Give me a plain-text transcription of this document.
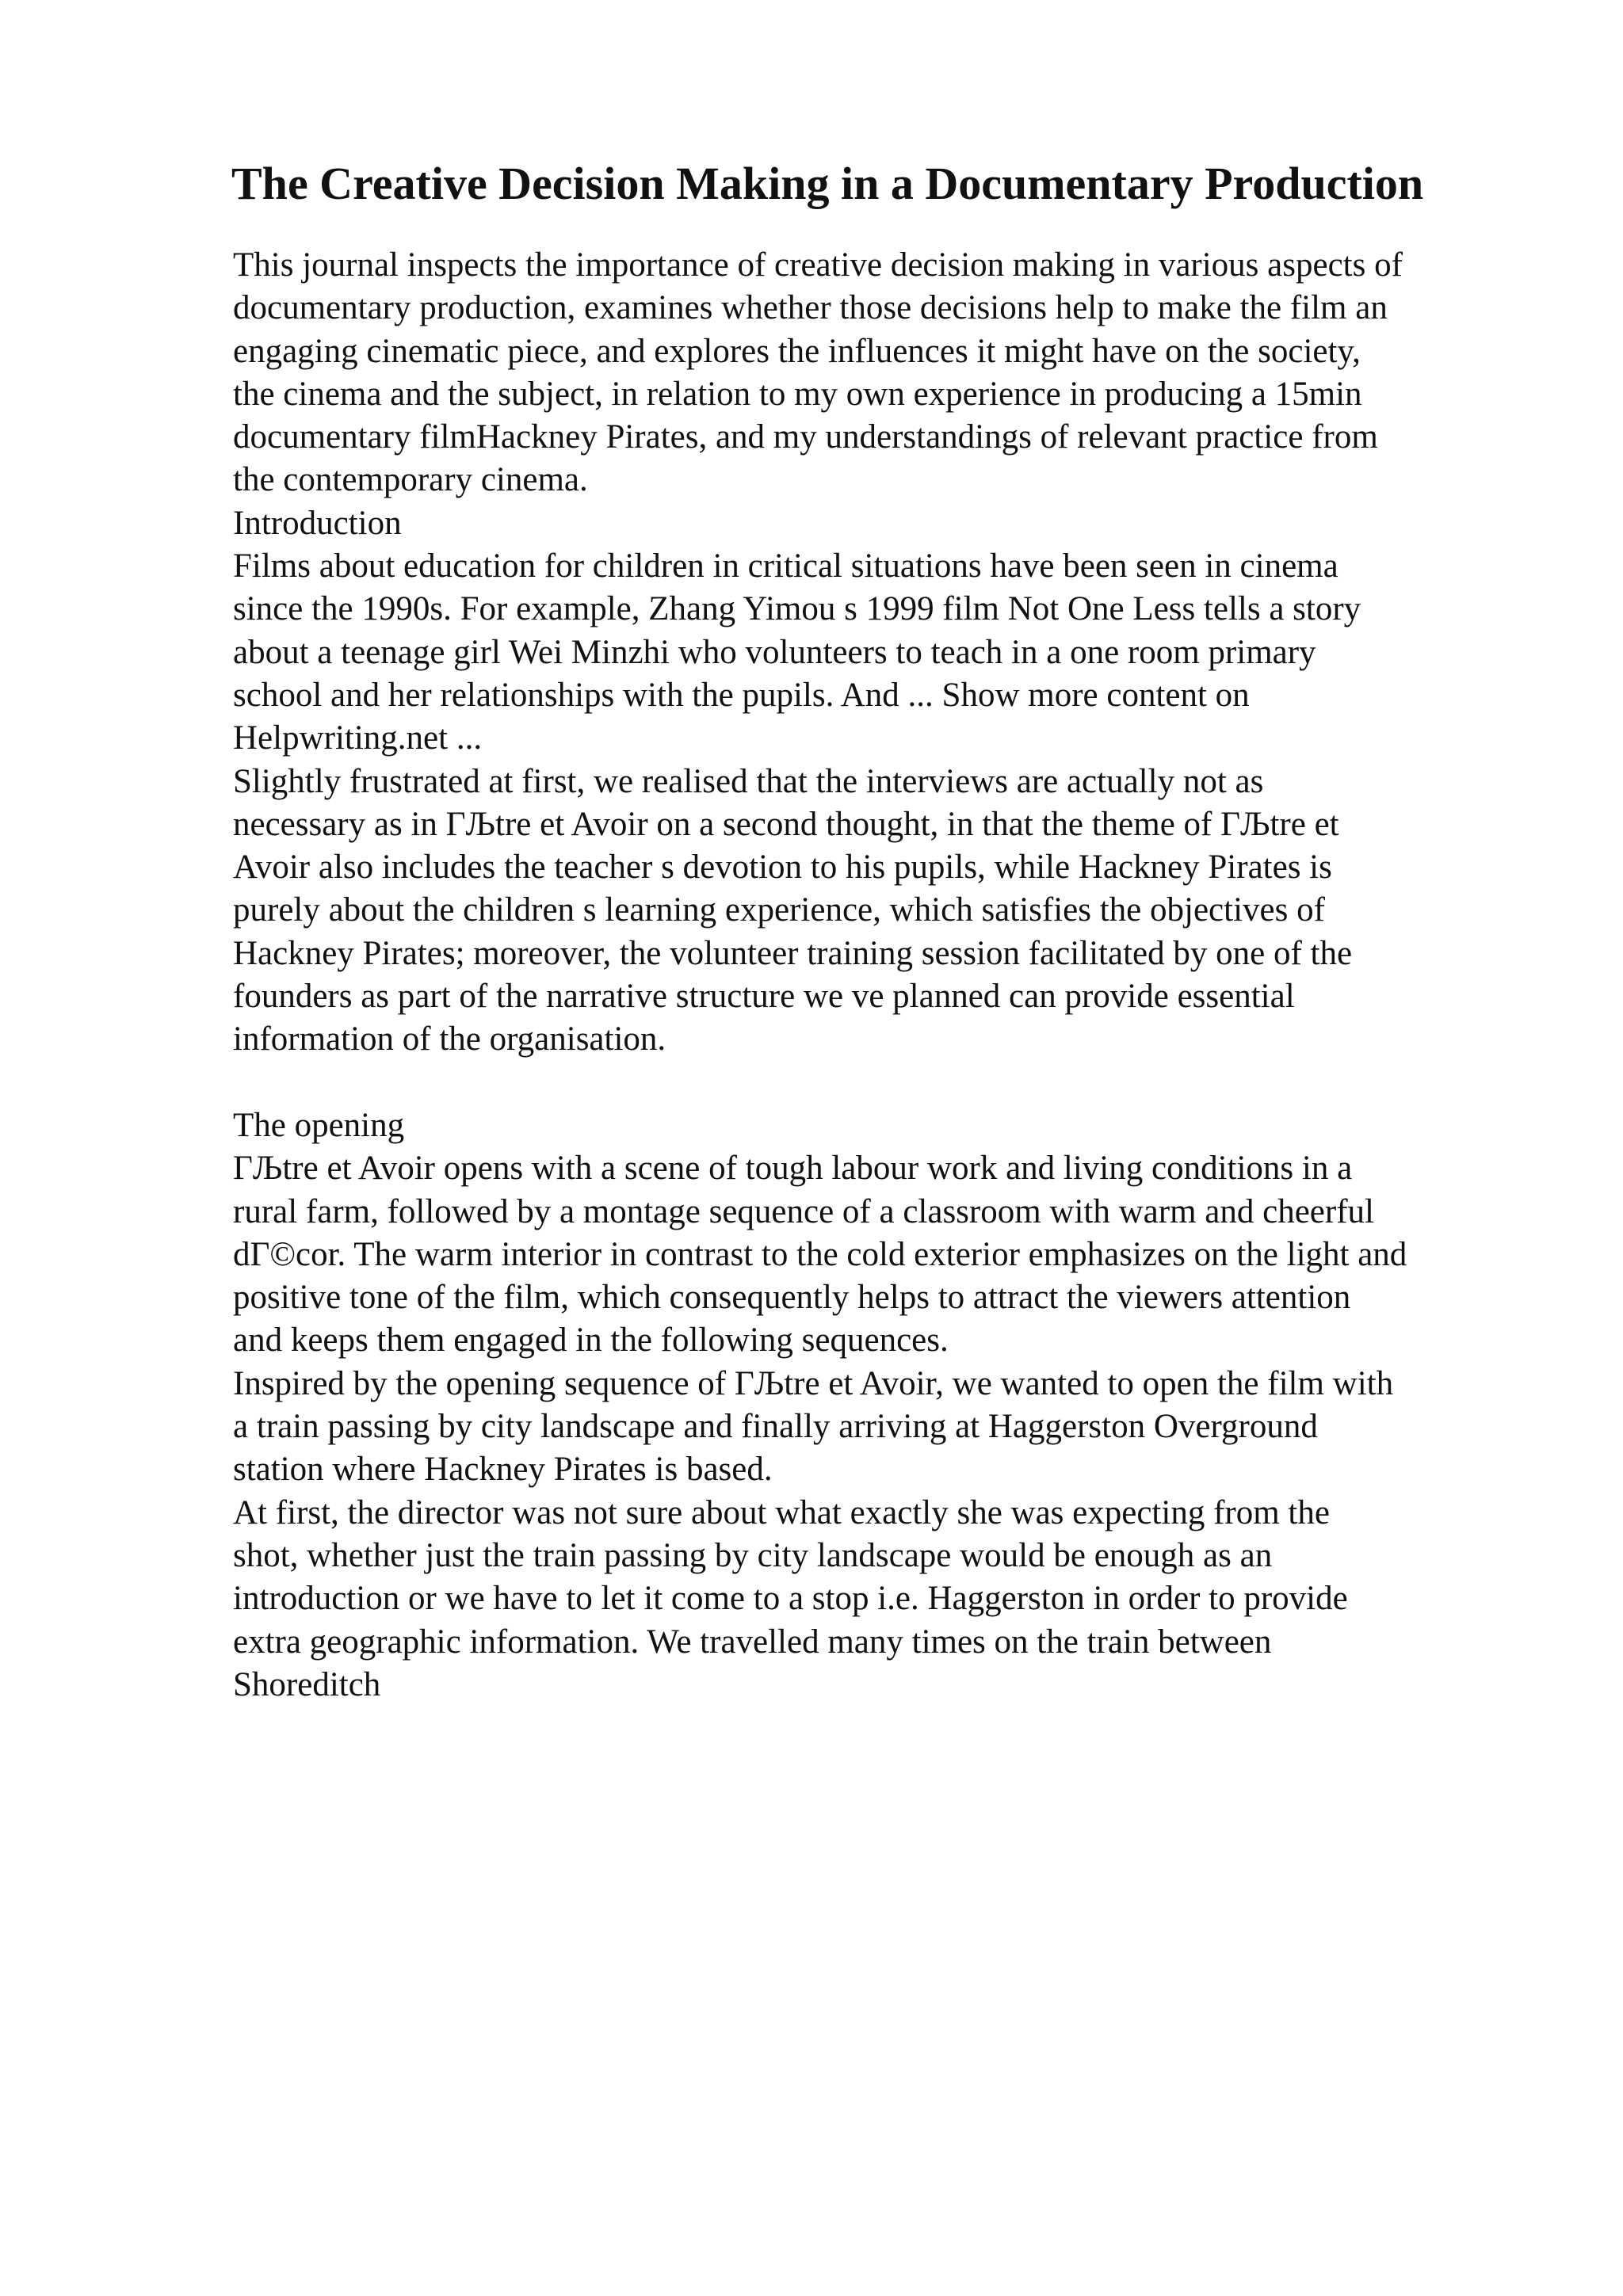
The Creative Decision Making in a Documentary Production
This journal inspects the importance of creative decision making in various aspects of
documentary production, examines whether those decisions help to make the film an
engaging cinematic piece, and explores the influences it might have on the society,
the cinema and the subject, in relation to my own experience in producing a 15min
documentary filmHackney Pirates, and my understandings of relevant practice from
the contemporary cinema.
Introduction
Films about education for children in critical situations have been seen in cinema
since the 1990s. For example, Zhang Yimou s 1999 film Not One Less tells a story
about a teenage girl Wei Minzhi who volunteers to teach in a one room primary
school and her relationships with the pupils. And ... Show more content on
Helpwriting.net ...
Slightly frustrated at first, we realised that the interviews are actually not as
necessary as in ГЉtre et Avoir on a second thought, in that the theme of ГЉtre et
Avoir also includes the teacher s devotion to his pupils, while Hackney Pirates is
purely about the children s learning experience, which satisfies the objectives of
Hackney Pirates; moreover, the volunteer training session facilitated by one of the
founders as part of the narrative structure we ve planned can provide essential
information of the organisation.
The opening
ГЉtre et Avoir opens with a scene of tough labour work and living conditions in a
rural farm, followed by a montage sequence of a classroom with warm and cheerful
dГ©cor. The warm interior in contrast to the cold exterior emphasizes on the light and
positive tone of the film, which consequently helps to attract the viewers attention
and keeps them engaged in the following sequences.
Inspired by the opening sequence of ГЉtre et Avoir, we wanted to open the film with
a train passing by city landscape and finally arriving at Haggerston Overground
station where Hackney Pirates is based.
At first, the director was not sure about what exactly she was expecting from the
shot, whether just the train passing by city landscape would be enough as an
introduction or we have to let it come to a stop i.e. Haggerston in order to provide
extra geographic information. We travelled many times on the train between
Shoreditch
